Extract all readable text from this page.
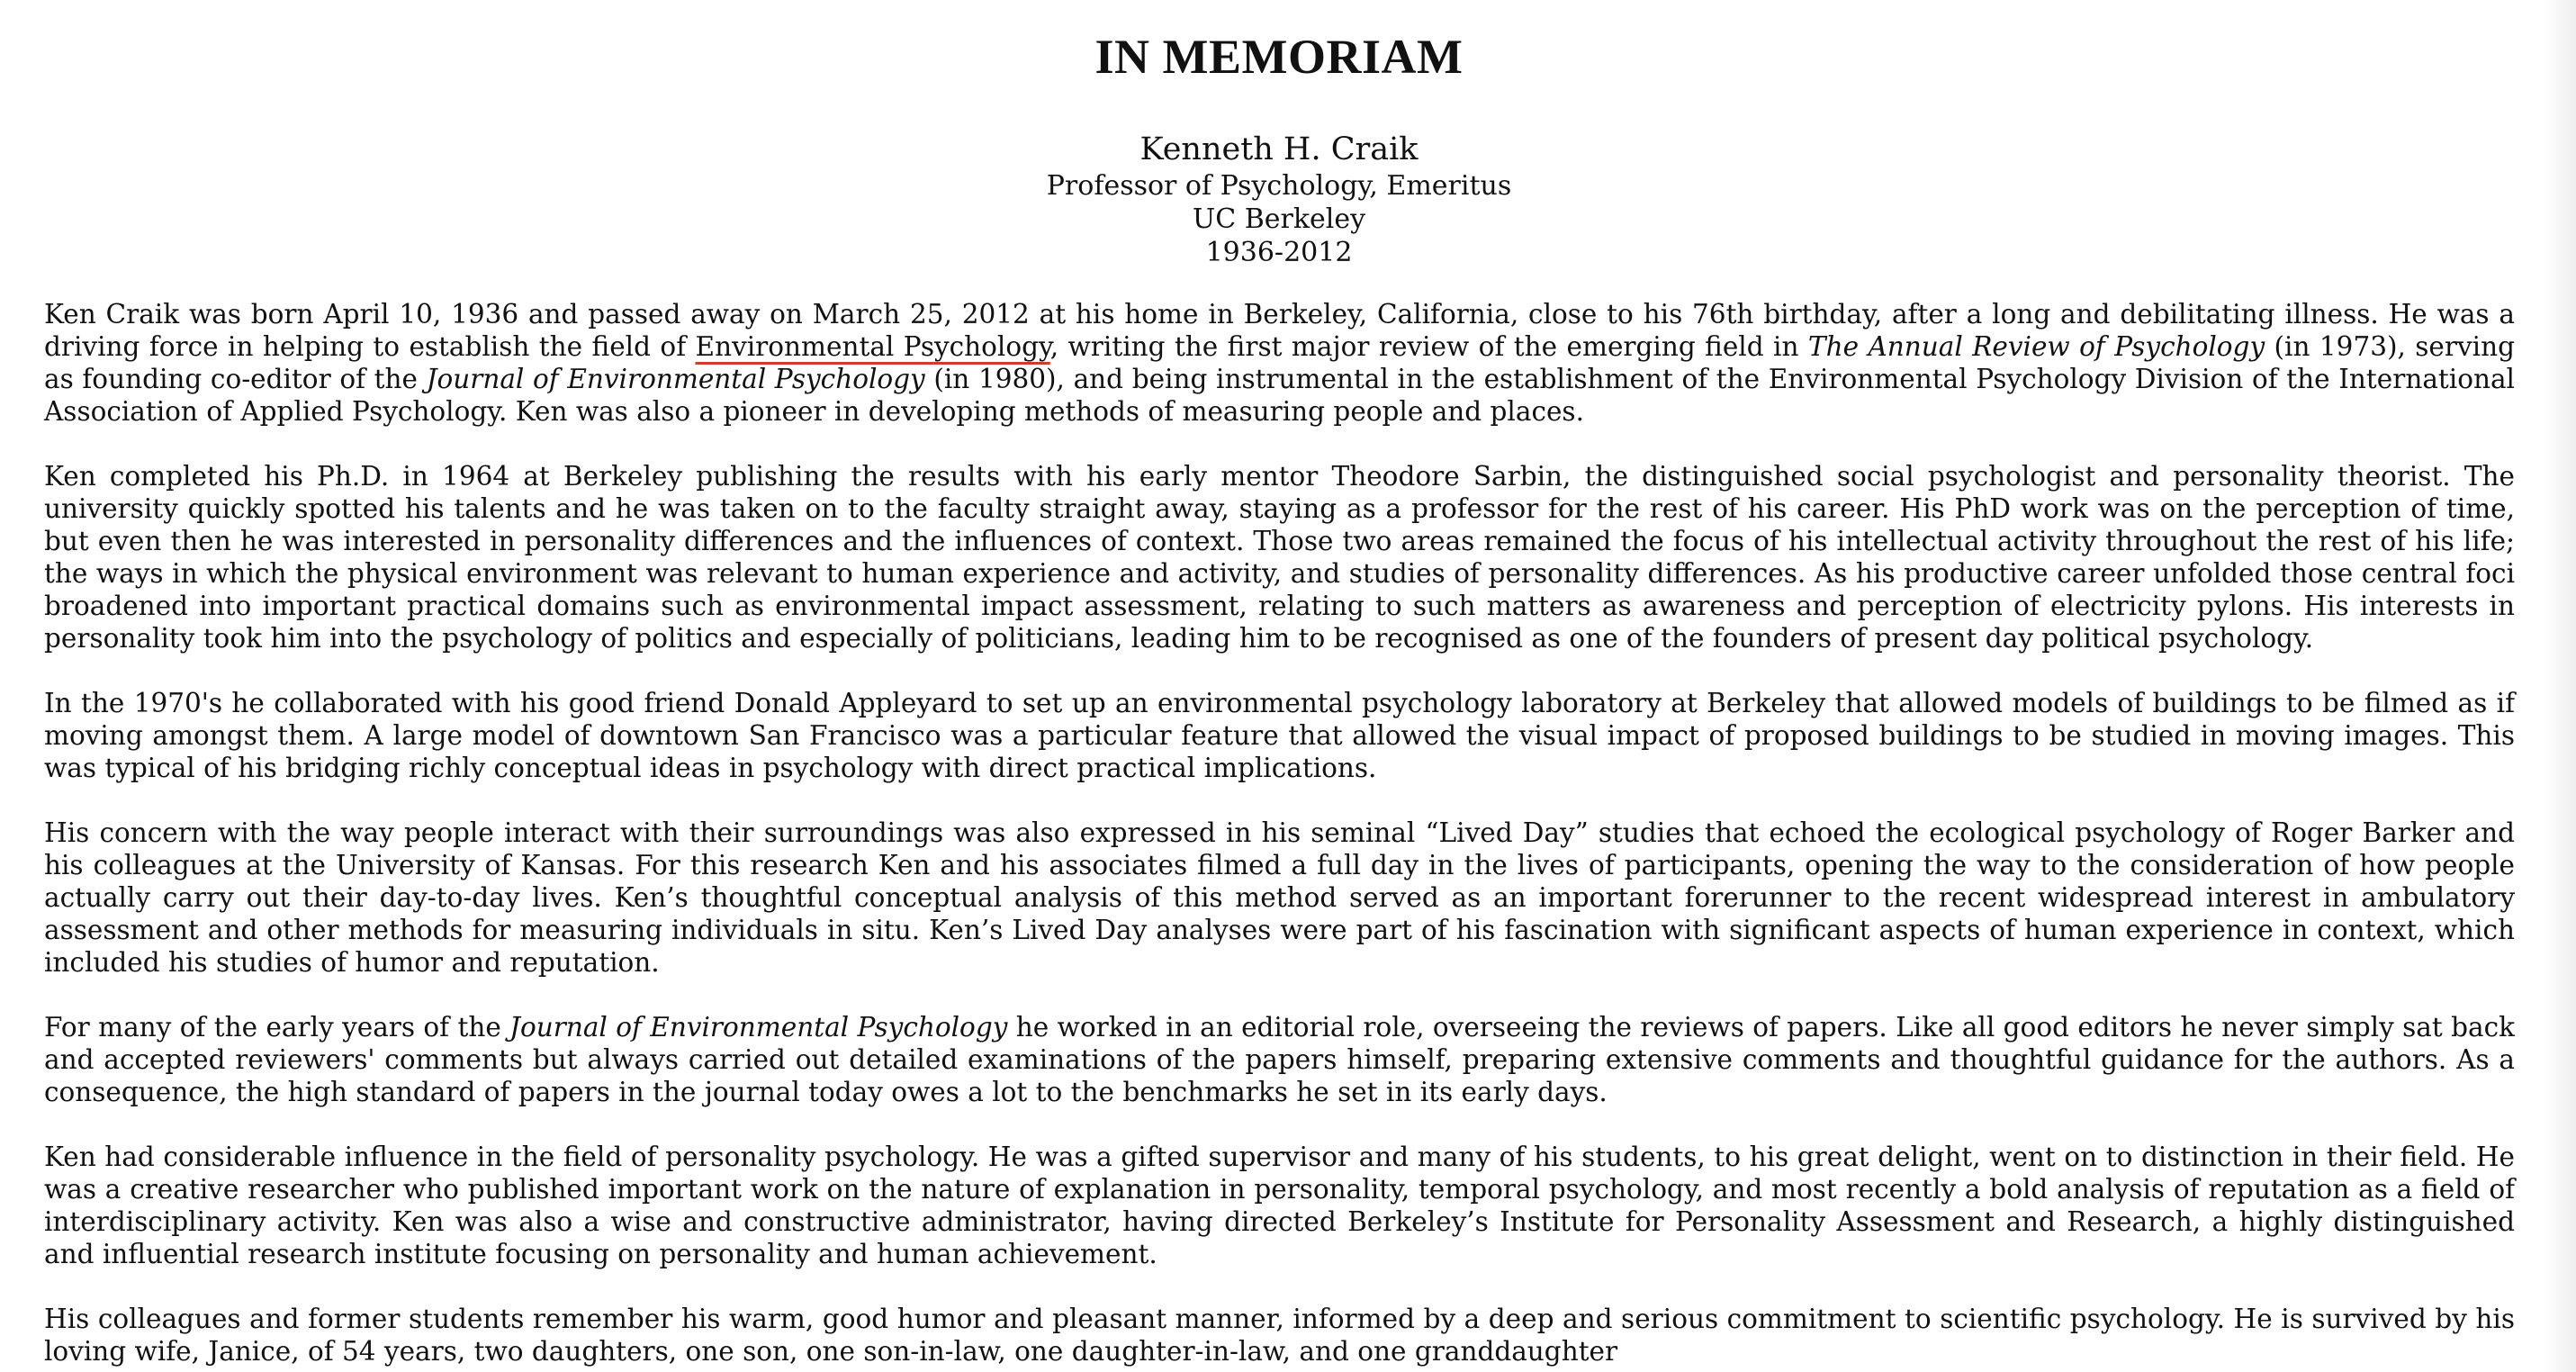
IN MEMORIAM
Kenneth H. Craik
Professor of Psychology, Emeritus
UC Berkeley
1936-2012

Ken Craik was born April 10, 1936 and passed away on March 25, 2012 at his home in Berkeley, California, close to his 76th birthday, after a long and debilitating illness. He was a driving force in helping to establish the field of Environmental Psychology, writing the first major review of the emerging field in The Annual Review of Psychology (in 1973), serving as founding co-editor of the Journal of Environmental Psychology (in 1980), and being instrumental in the establishment of the Environmental Psychology Division of the International Association of Applied Psychology. Ken was also a pioneer in developing methods of measuring people and places.

Ken completed his Ph.D. in 1964 at Berkeley publishing the results with his early mentor Theodore Sarbin, the distinguished social psychologist and personality theorist. The university quickly spotted his talents and he was taken on to the faculty straight away, staying as a professor for the rest of his career. His PhD work was on the perception of time, but even then he was interested in personality differences and the influences of context. Those two areas remained the focus of his intellectual activity throughout the rest of his life; the ways in which the physical environment was relevant to human experience and activity, and studies of personality differences. As his productive career unfolded those central foci broadened into important practical domains such as environmental impact assessment, relating to such matters as awareness and perception of electricity pylons. His interests in personality took him into the psychology of politics and especially of politicians, leading him to be recognised as one of the founders of present day political psychology.

In the 1970's he collaborated with his good friend Donald Appleyard to set up an environmental psychology laboratory at Berkeley that allowed models of buildings to be filmed as if moving amongst them. A large model of downtown San Francisco was a particular feature that allowed the visual impact of proposed buildings to be studied in moving images. This was typical of his bridging richly conceptual ideas in psychology with direct practical implications.

His concern with the way people interact with their surroundings was also expressed in his seminal “Lived Day” studies that echoed the ecological psychology of Roger Barker and his colleagues at the University of Kansas. For this research Ken and his associates filmed a full day in the lives of participants, opening the way to the consideration of how people actually carry out their day-to-day lives. Ken’s thoughtful conceptual analysis of this method served as an important forerunner to the recent widespread interest in ambulatory assessment and other methods for measuring individuals in situ. Ken’s Lived Day analyses were part of his fascination with significant aspects of human experience in context, which included his studies of humor and reputation.

For many of the early years of the Journal of Environmental Psychology he worked in an editorial role, overseeing the reviews of papers. Like all good editors he never simply sat back and accepted reviewers' comments but always carried out detailed examinations of the papers himself, preparing extensive comments and thoughtful guidance for the authors. As a consequence, the high standard of papers in the journal today owes a lot to the benchmarks he set in its early days.

Ken had considerable influence in the field of personality psychology. He was a gifted supervisor and many of his students, to his great delight, went on to distinction in their field. He was a creative researcher who published important work on the nature of explanation in personality, temporal psychology, and most recently a bold analysis of reputation as a field of interdisciplinary activity. Ken was also a wise and constructive administrator, having directed Berkeley’s Institute for Personality Assessment and Research, a highly distinguished and influential research institute focusing on personality and human achievement.

His colleagues and former students remember his warm, good humor and pleasant manner, informed by a deep and serious commitment to scientific psychology. He is survived by his loving wife, Janice, of 54 years, two daughters, one son, one son-in-law, one daughter-in-law, and one granddaughter
